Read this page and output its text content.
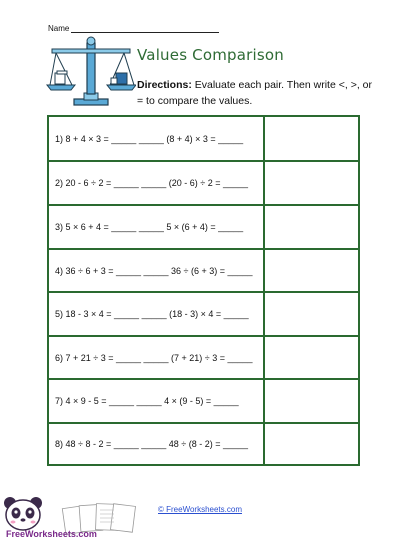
Name
Values Comparison
Directions: Evaluate each pair. Then write <, >, or = to compare the values.
1) 8 + 4 × 3 = _____ _____ (8 + 4) × 3 = _____
2) 20 - 6 ÷ 2 = _____ _____ (20 - 6) ÷ 2 = _____
3) 5 × 6 + 4 = _____ _____ 5 × (6 + 4) = _____
4) 36 ÷ 6 + 3 = _____ _____ 36 ÷ (6 + 3) = _____
5) 18 - 3 × 4 = _____ _____ (18 - 3) × 4 = _____
6) 7 + 21 ÷ 3 = _____ _____ (7 + 21) ÷ 3 = _____
7) 4 × 9 - 5 = _____ _____ 4 × (9 - 5) = _____
8) 48 ÷ 8 - 2 = _____ _____ 48 ÷ (8 - 2) = _____
FreeWorksheets.com
© FreeWorksheets.com
